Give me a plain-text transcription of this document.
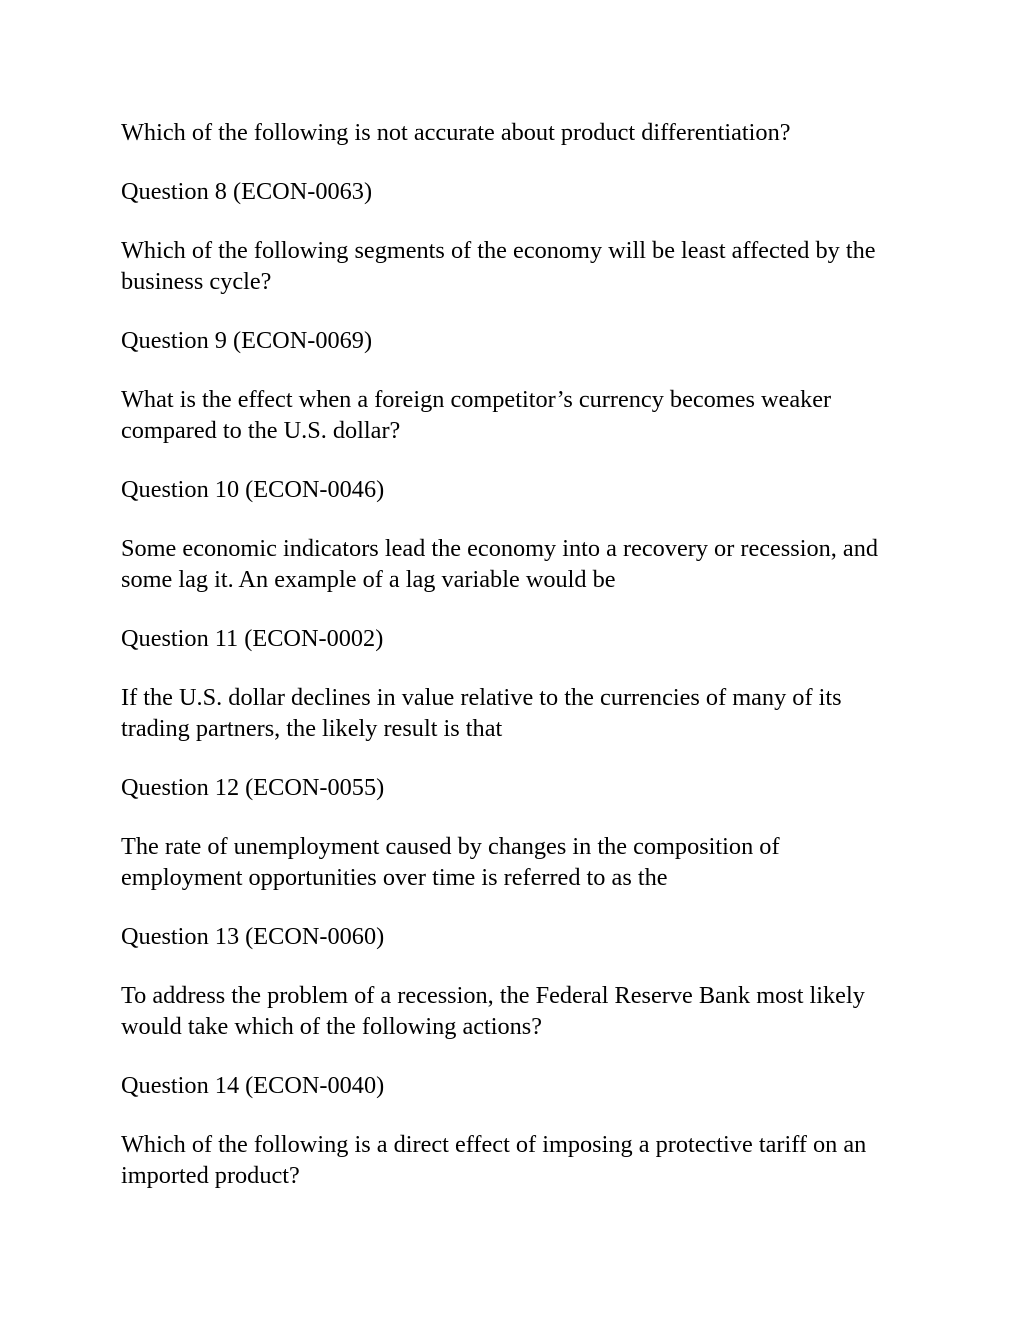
Which of the following is not accurate about product differentiation?

Question 8 (ECON-0063)

Which of the following segments of the economy will be least affected by the business cycle?

Question 9 (ECON-0069)

What is the effect when a foreign competitor’s currency becomes weaker compared to the U.S. dollar?

Question 10 (ECON-0046)

Some economic indicators lead the economy into a recovery or recession, and some lag it. An example of a lag variable would be

Question 11 (ECON-0002)

If the U.S. dollar declines in value relative to the currencies of many of its trading partners, the likely result is that

Question 12 (ECON-0055)

The rate of unemployment caused by changes in the composition of employment opportunities over time is referred to as the

Question 13 (ECON-0060)

To address the problem of a recession, the Federal Reserve Bank most likely would take which of the following actions?

Question 14 (ECON-0040)

Which of the following is a direct effect of imposing a protective tariff on an imported product?
